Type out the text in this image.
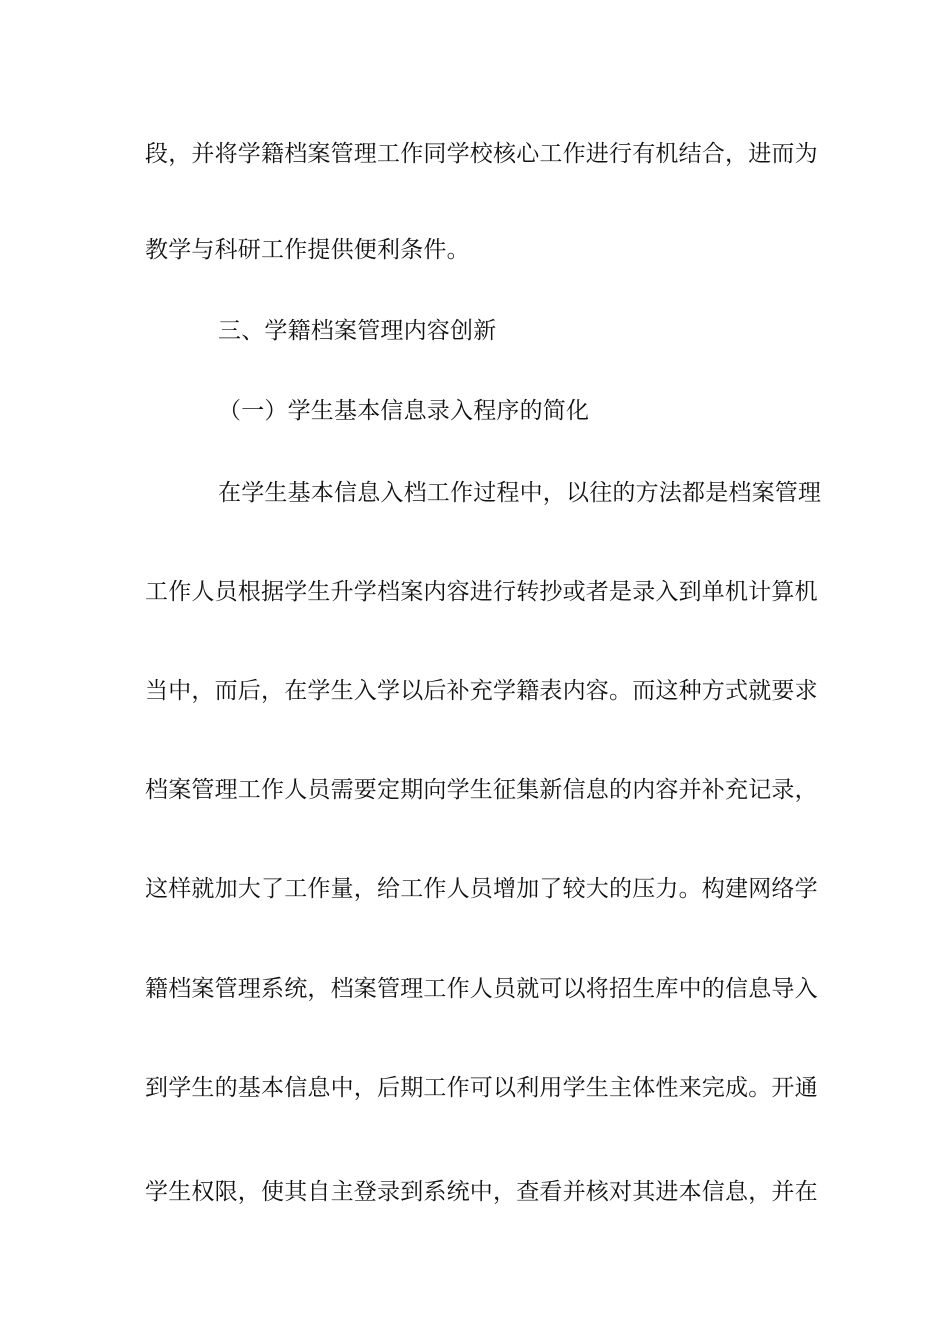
段，并将学籍档案管理工作同学校核心工作进行有机结合，进而为
教学与科研工作提供便利条件。
三、学籍档案管理内容创新
（一）学生基本信息录入程序的简化
在学生基本信息入档工作过程中，以往的方法都是档案管理
工作人员根据学生升学档案内容进行转抄或者是录入到单机计算机
当中，而后，在学生入学以后补充学籍表内容。而这种方式就要求
档案管理工作人员需要定期向学生征集新信息的内容并补充记录，
这样就加大了工作量，给工作人员增加了较大的压力。构建网络学
籍档案管理系统，档案管理工作人员就可以将招生库中的信息导入
到学生的基本信息中，后期工作可以利用学生主体性来完成。开通
学生权限，使其自主登录到系统中，查看并核对其进本信息，并在
